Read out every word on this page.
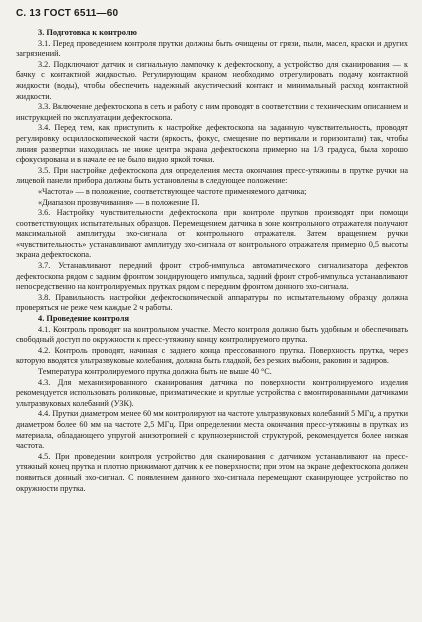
С. 13 ГОСТ 6511—60
3. Подготовка к контролю

3.1. Перед проведением контроля прутки должны быть очищены от грязи, пыли, масел, краски и других загрязнений.

3.2. Подключают датчик и сигнальную лампочку к дефектоскопу, а устройство для сканирования — к бачку с контактной жидкостью. Регулирующим краном необходимо отрегулировать подачу контактной жидкости (воды), чтобы обеспечить надежный акустический контакт и минимальный расход контактной жидкости.

3.3. Включение дефектоскопа в сеть и работу с ним проводят в соответствии с техническим описанием и инструкцией по эксплуатации дефектоскопа.

3.4. Перед тем, как приступить к настройке дефектоскопа на заданную чувствительность, проводят регулировку осциллоскопической части (яркость, фокус, смещение по вертикали и горизонтали) так, чтобы линия развертки находилась не ниже центра экрана дефектоскопа примерно на 1/3 градуса, была хорошо сфокусирована и в начале ее не было видно яркой точки.

3.5. При настройке дефектоскопа для определения места окончания пресс-утяжины в прутке ручки на лицевой панели прибора должны быть установлены в следующее положение:

«Частота» — в положение, соответствующее частоте применяемого датчика;

«Диапазон прозвучивания» — в положение П.

3.6. Настройку чувствительности дефектоскопа при контроле прутков производят при помощи соответствующих испытательных образцов. Перемещением датчика в зоне контрольного отражателя получают максимальной амплитуды эхо-сигнала от контрольного отражателя. Затем вращением ручки «чувствительность» устанавливают амплитуду эхо-сигнала от контрольного отражателя примерно 0,5 высоты экрана дефектоскопа.

3.7. Устанавливают передний фронт строб-импульса автоматического сигнализатора дефектов дефектоскопа рядом с задним фронтом зондирующего импульса, задний фронт строб-импульса устанавливают непосредственно на контролируемых прутках рядом с передним фронтом донного эхо-сигнала.

3.8. Правильность настройки дефектоскопической аппаратуры по испытательному образцу должна проверяться не реже чем каждые 2 ч работы.

4. Проведение контроля

4.1. Контроль проводят на контрольном участке. Место контроля должно быть удобным и обеспечивать свободный доступ по окружности к пресс-утяжину концу контролируемого прутка.

4.2. Контроль проводят, начиная с заднего конца прессованного прутка. Поверхность прутка, через которую вводятся ультразвуковые колебания, должна быть гладкой, без резких выбоин, раковин и задиров.

Температура контролируемого прутка должна быть не выше 40 °С.

4.3. Для механизированного сканирования датчика по поверхности контролируемого изделия рекомендуется использовать роликовые, призматические и круглые устройства с вмонтированными датчиками ультразвуковых колебаний (УЗК).

4.4. Прутки диаметром менее 60 мм контролируют на частоте ультразвуковых колебаний 5 МГц, а прутки диаметром более 60 мм на частоте 2,5 МГц. При определении места окончания пресс-утяжины в прутках из материала, обладающего упругой анизотропией с крупнозернистой структурой, рекомендуется более низкая частота.

4.5. При проведении контроля устройство для сканирования с датчиком устанавливают на пресс-утяжный конец прутка и плотно прижимают датчик к ее поверхности; при этом на экране дефектоскопа должен появиться донный эхо-сигнал. С появлением данного эхо-сигнала перемещают сканирующее устройство по окружности прутка.
